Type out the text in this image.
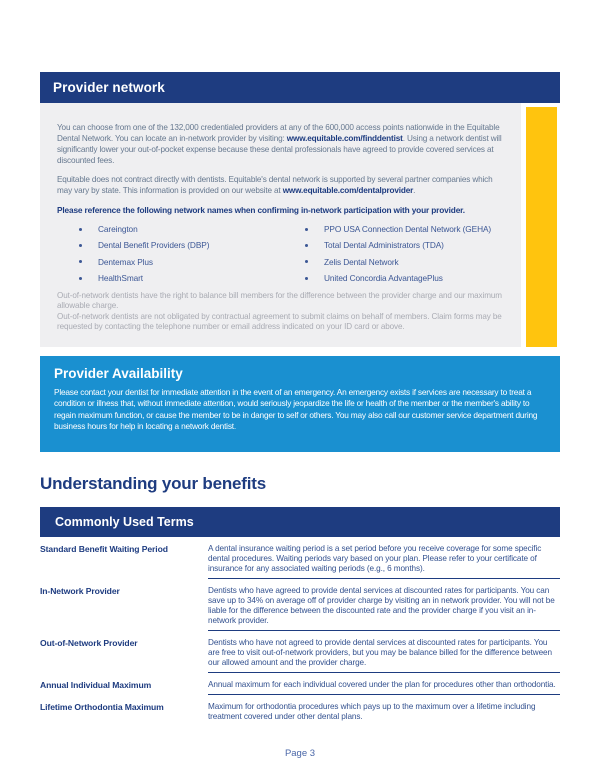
Provider network

You can choose from one of the 132,000 credentialed providers at any of the 600,000 access points nationwide in the Equitable Dental Network. You can locate an in-network provider by visiting: www.equitable.com/finddentist. Using a network dentist will significantly lower your out-of-pocket expense because these dental professionals have agreed to provide covered services at discounted fees.

Equitable does not contract directly with dentists. Equitable's dental network is supported by several partner companies which may vary by state. This information is provided on our website at www.equitable.com/dentalprovider.

Please reference the following network names when confirming in-network participation with your provider.

Careington
Dental Benefit Providers (DBP)
Dentemax Plus
HealthSmart
PPO USA Connection Dental Network (GEHA)
Total Dental Administrators (TDA)
Zelis Dental Network
United Concordia AdvantagePlus

Out-of-network dentists have the right to balance bill members for the difference between the provider charge and our maximum allowable charge.

Out-of-network dentists are not obligated by contractual agreement to submit claims on behalf of members. Claim forms may be requested by contacting the telephone number or email address indicated on your ID card or above.

Provider Availability

Please contact your dentist for immediate attention in the event of an emergency. An emergency exists if services are necessary to treat a condition or illness that, without immediate attention, would seriously jeopardize the life or health of the member or the member's ability to regain maximum function, or cause the member to be in danger to self or others. You may also call our customer service department during business hours for help in locating a network dentist.

Understanding your benefits
Commonly Used Terms
Standard Benefit Waiting Period	A dental insurance waiting period is a set period before you receive coverage for some specific dental procedures. Waiting periods vary based on your plan. Please refer to your certificate of insurance for any associated waiting periods (e.g., 6 months).
In-Network Provider	Dentists who have agreed to provide dental services at discounted rates for participants. You can save up to 34% on average off of provider charge by visiting an in network provider. You will not be liable for the difference between the discounted rate and the provider charge if you visit an in-network provider.
Out-of-Network Provider	Dentists who have not agreed to provide dental services at discounted rates for participants. You are free to visit out-of-network providers, but you may be balance billed for the difference between our allowed amount and the provider charge.
Annual Individual Maximum	Annual maximum for each individual covered under the plan for procedures other than orthodontia.
Lifetime Orthodontia Maximum	Maximum for orthodontia procedures which pays up to the maximum over a lifetime including treatment covered under other dental plans.
Page 3
